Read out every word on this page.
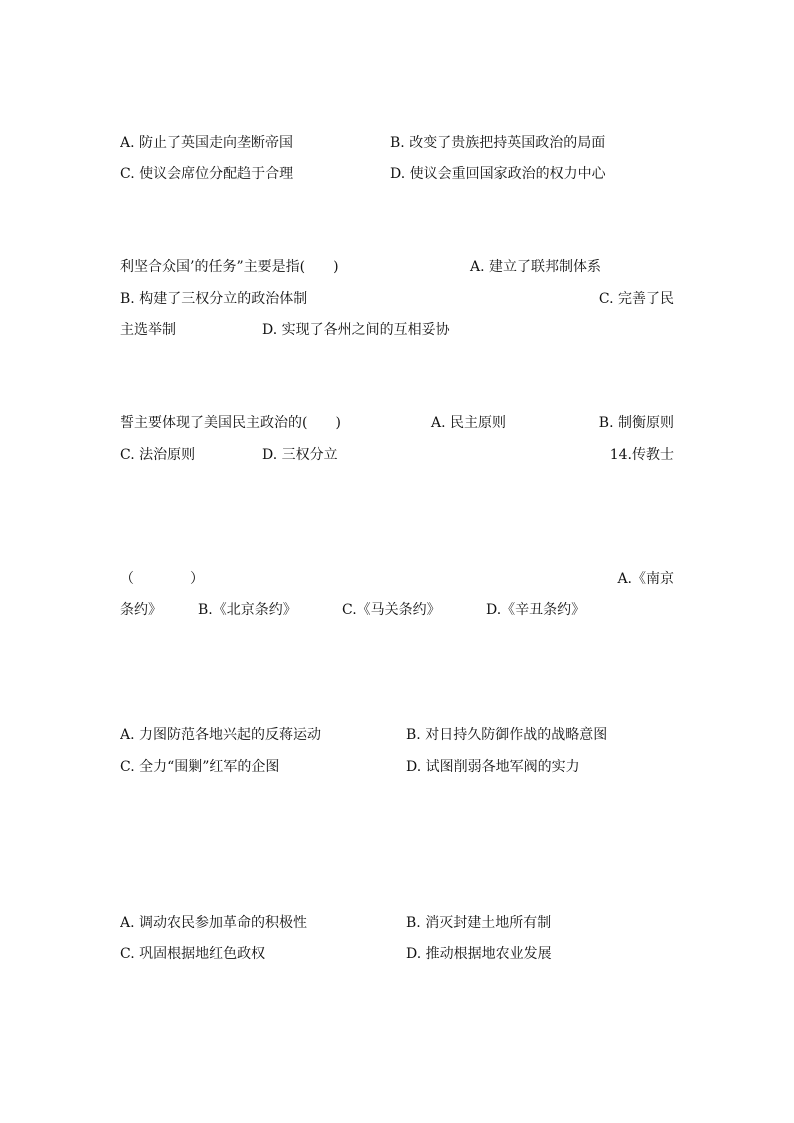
A. 防止了英国走向垄断帝国

	B. 改变了贵族把持英国政治的局面

C. 使议会席位分配趋于合理

	D. 使议会重回国家政治的权力中心

利坚合众国’的任务”主要是指(　　)

	A. 建立了联邦制体系

B. 构建了三权分立的政治体制

	C. 完善了民

主选举制

	D. 实现了各州之间的互相妥协

誓主要体现了美国民主政治的(　　)

	A. 民主原则

	B. 制衡原则

C. 法治原则

	D. 三权分立

	14.传教士

（　　　　）

	A.《南京

条约》

	B.《北京条约》

	C.《马关条约》

	D.《辛丑条约》

A. 力图防范各地兴起的反蒋运动

	B. 对日持久防御作战的战略意图

C. 全力“围剿”红军的企图

	D. 试图削弱各地军阀的实力

A. 调动农民参加革命的积极性

	B. 消灭封建土地所有制

C. 巩固根据地红色政权

	D. 推动根据地农业发展
